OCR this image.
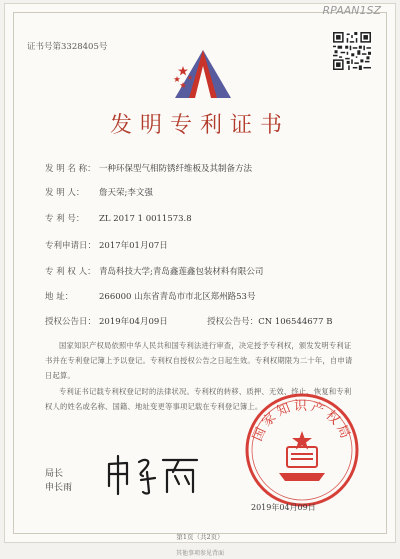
RPAAN1SZ
证书号第3328405号
发明专利证书
发 明 名 称： 一种环保型气相防锈纤维板及其制备方法
发 明 人： 詹天荣;李文强
专 利 号： ZL 2017 1 0011573.8
专利申请日： 2017年01月07日
专 利 权 人： 青岛科技大学;青岛鑫莲鑫包装材料有限公司
地 址：	266000 山东省青岛市市北区郑州路53号
授权公告日： 2019年04月09日	授权公告号：CN 106544677 B
国家知识产权局依照中华人民共和国专利法进行审查，决定授予专利权，颁发发明专利证书并在专利登记簿上予以登记。专利权自授权公告之日起生效。专利权期限为二十年，自申请日起算。
专利证书记载专利权登记时的法律状况。专利权的转移、质押、无效、终止、恢复和专利权人的姓名或名称、国籍、地址变更等事项记载在专利登记簿上。
局长
申长雨
国家知识产权局
2019年04月09日
第1页（共2页）
其他事项参见背面
